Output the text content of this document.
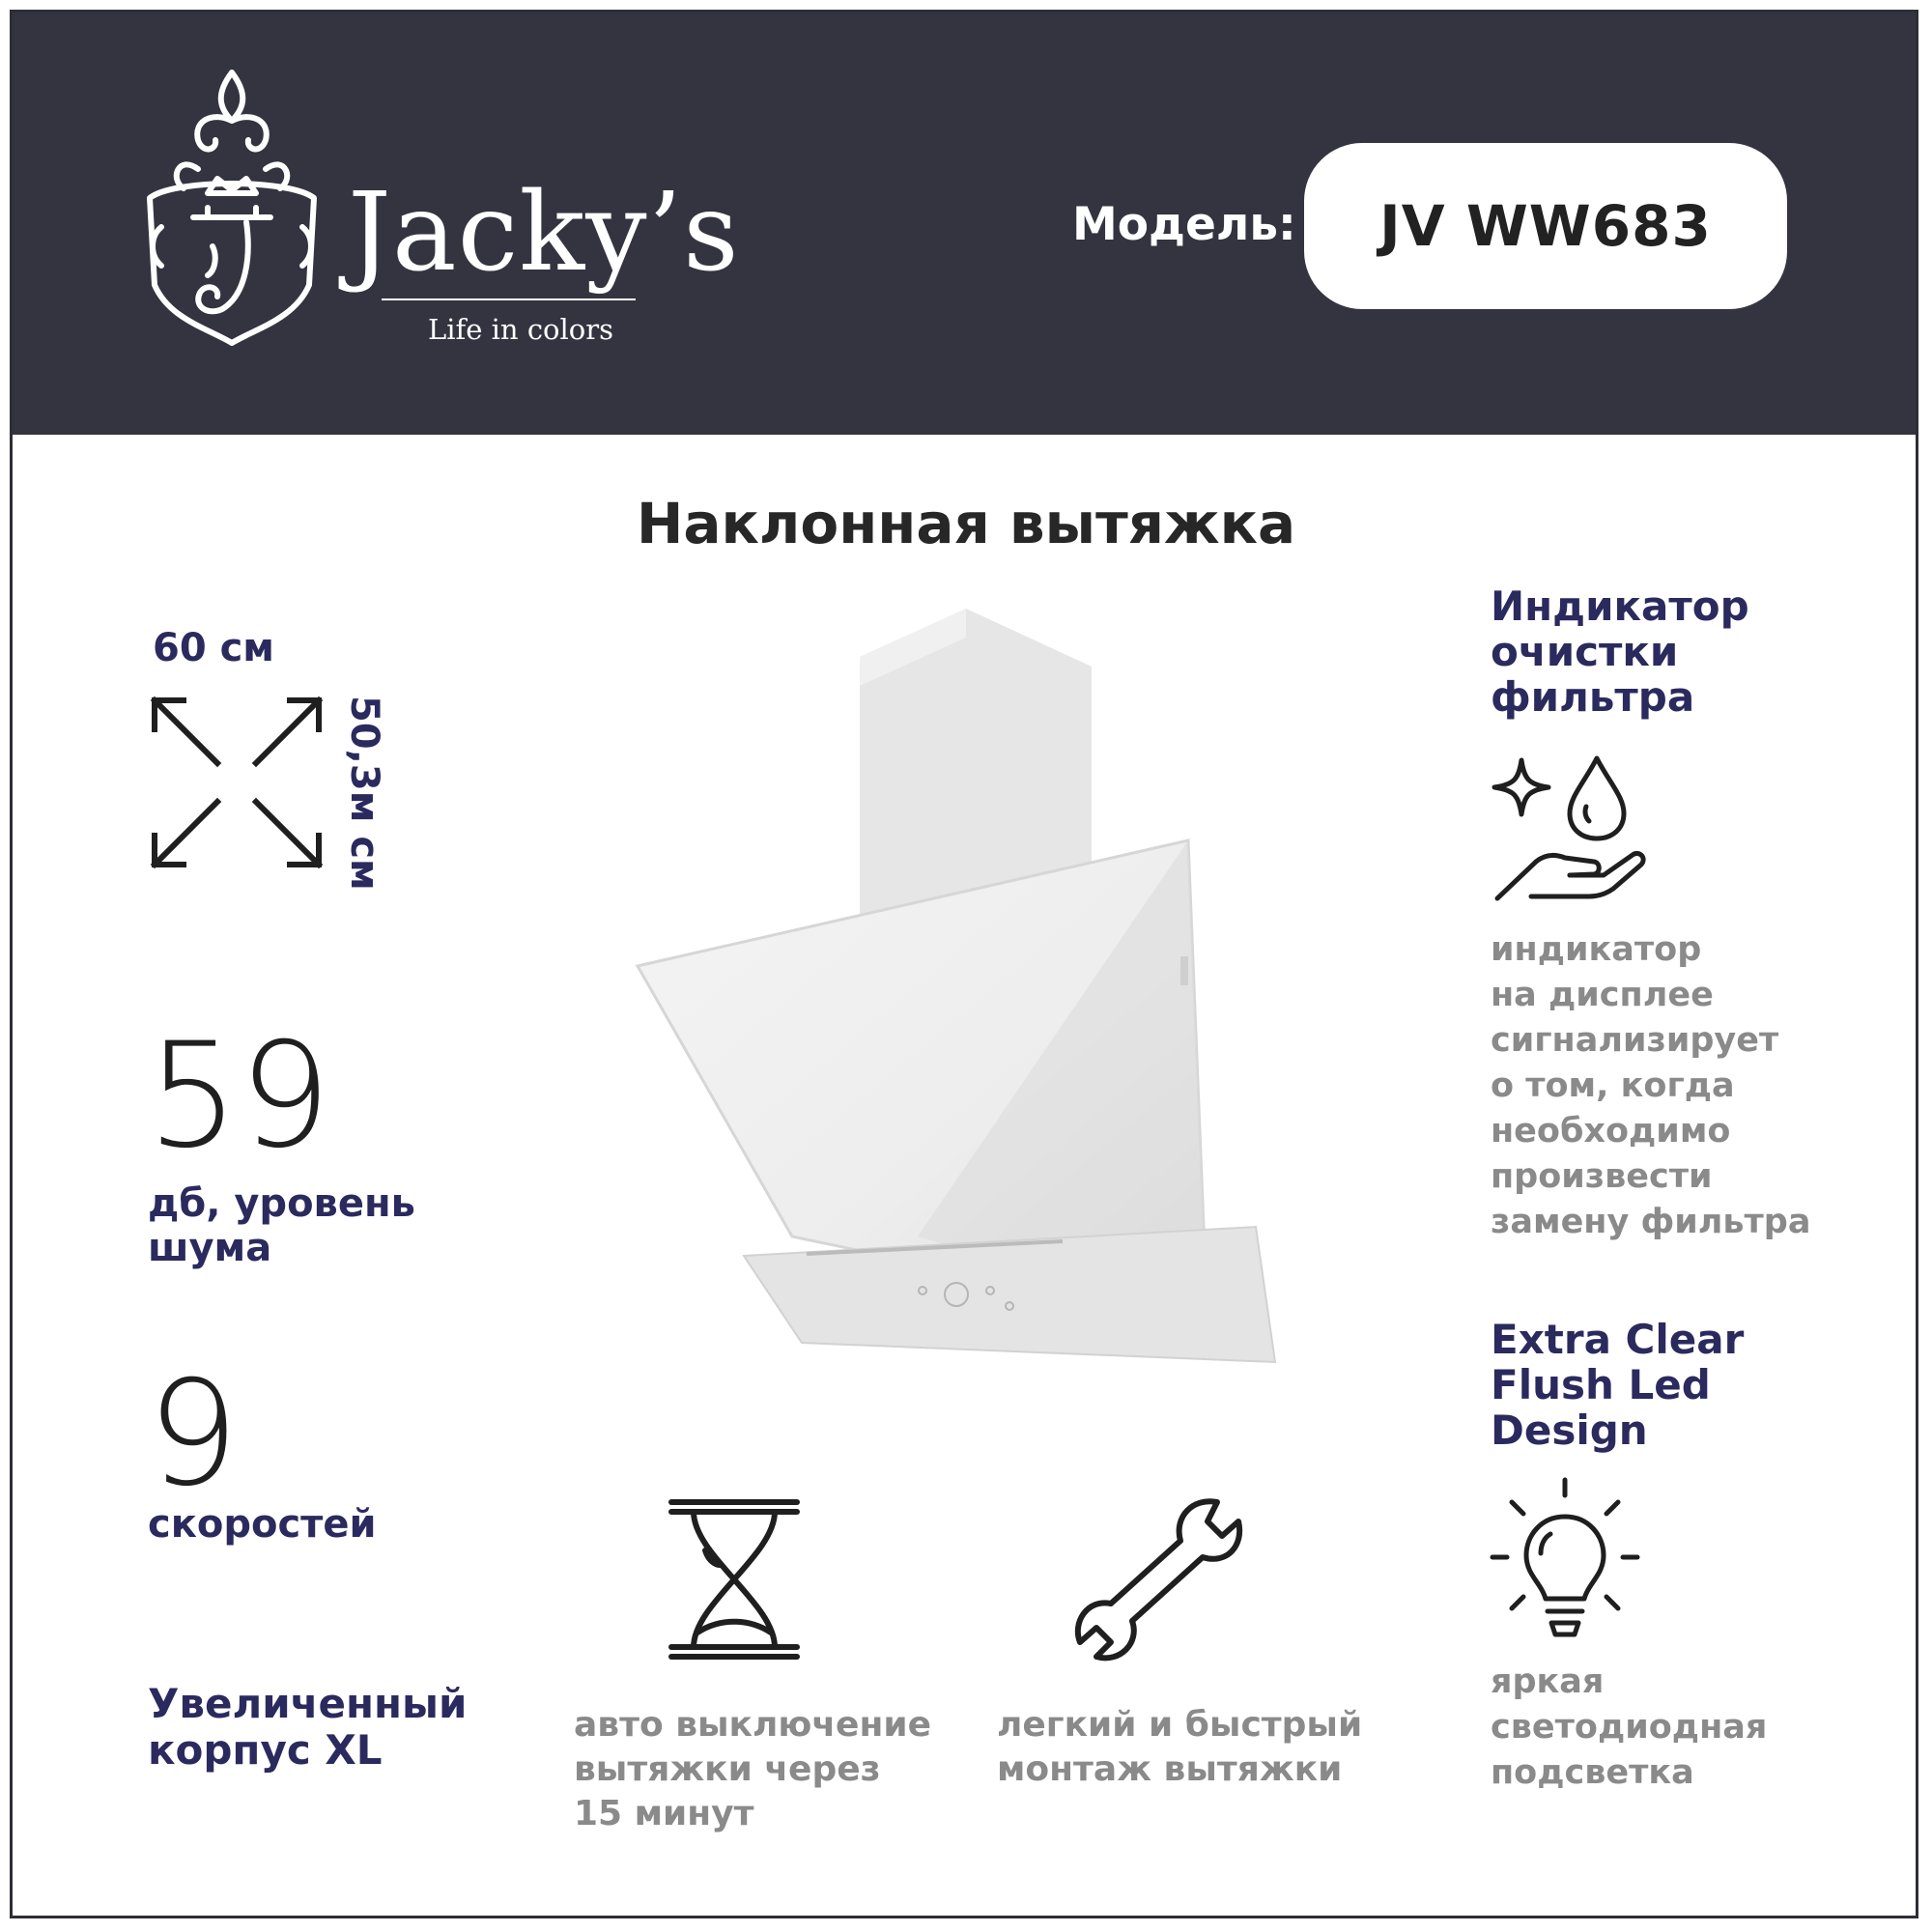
Jacky’s
Life in colors
Модель:	JV WW683
Наклонная вытяжка
60 см
50,3м см
59
дб, уровень
шума
9
скоростей
Увеличенный
корпус XL
авто выключение
вытяжки через
15 минут
легкий и быстрый
монтаж вытяжки
Индикатор
очистки
фильтра
индикатор
на дисплее
сигнализирует
о том, когда
необходимо
произвести
замену фильтра
Extra Clear
Flush Led
Design
яркая
светодиодная
подсветка
